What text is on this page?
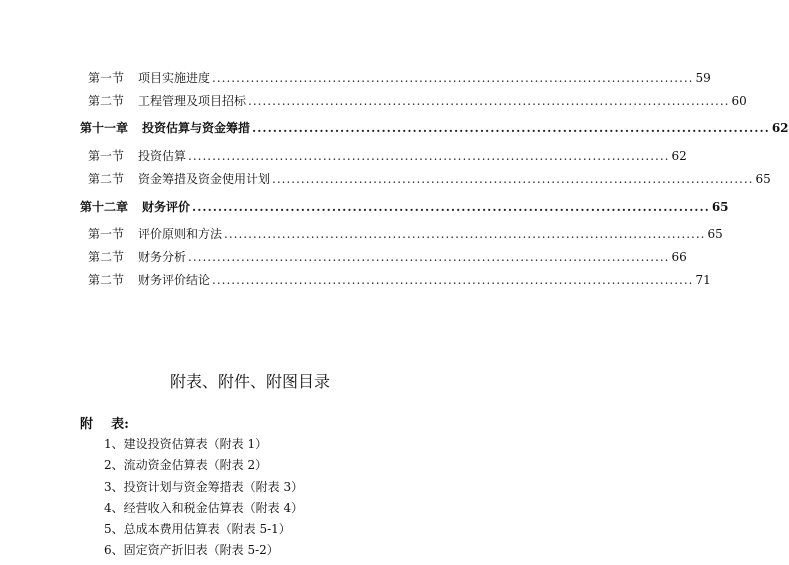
第一节 项目实施进度 .................................................................................................... 59
第二节 工程管理及项目招标 .................................................................................................... 60
第十一章 投资估算与资金筹措 .................................................................................................... 62
第一节 投资估算 .................................................................................................... 62
第二节 资金筹措及资金使用计划 .................................................................................................... 65
第十二章 财务评价 .................................................................................................... 65
第一节 评价原则和方法 .................................................................................................... 65
第二节 财务分析 .................................................................................................... 66
第二节 财务评价结论 .................................................................................................... 71
附表、附件、附图目录
附    表:
1、建设投资估算表（附表 1）
2、流动资金估算表（附表 2）
3、投资计划与资金筹措表（附表 3）
4、经营收入和税金估算表（附表 4）
5、总成本费用估算表（附表 5-1）
6、固定资产折旧表（附表 5-2）
